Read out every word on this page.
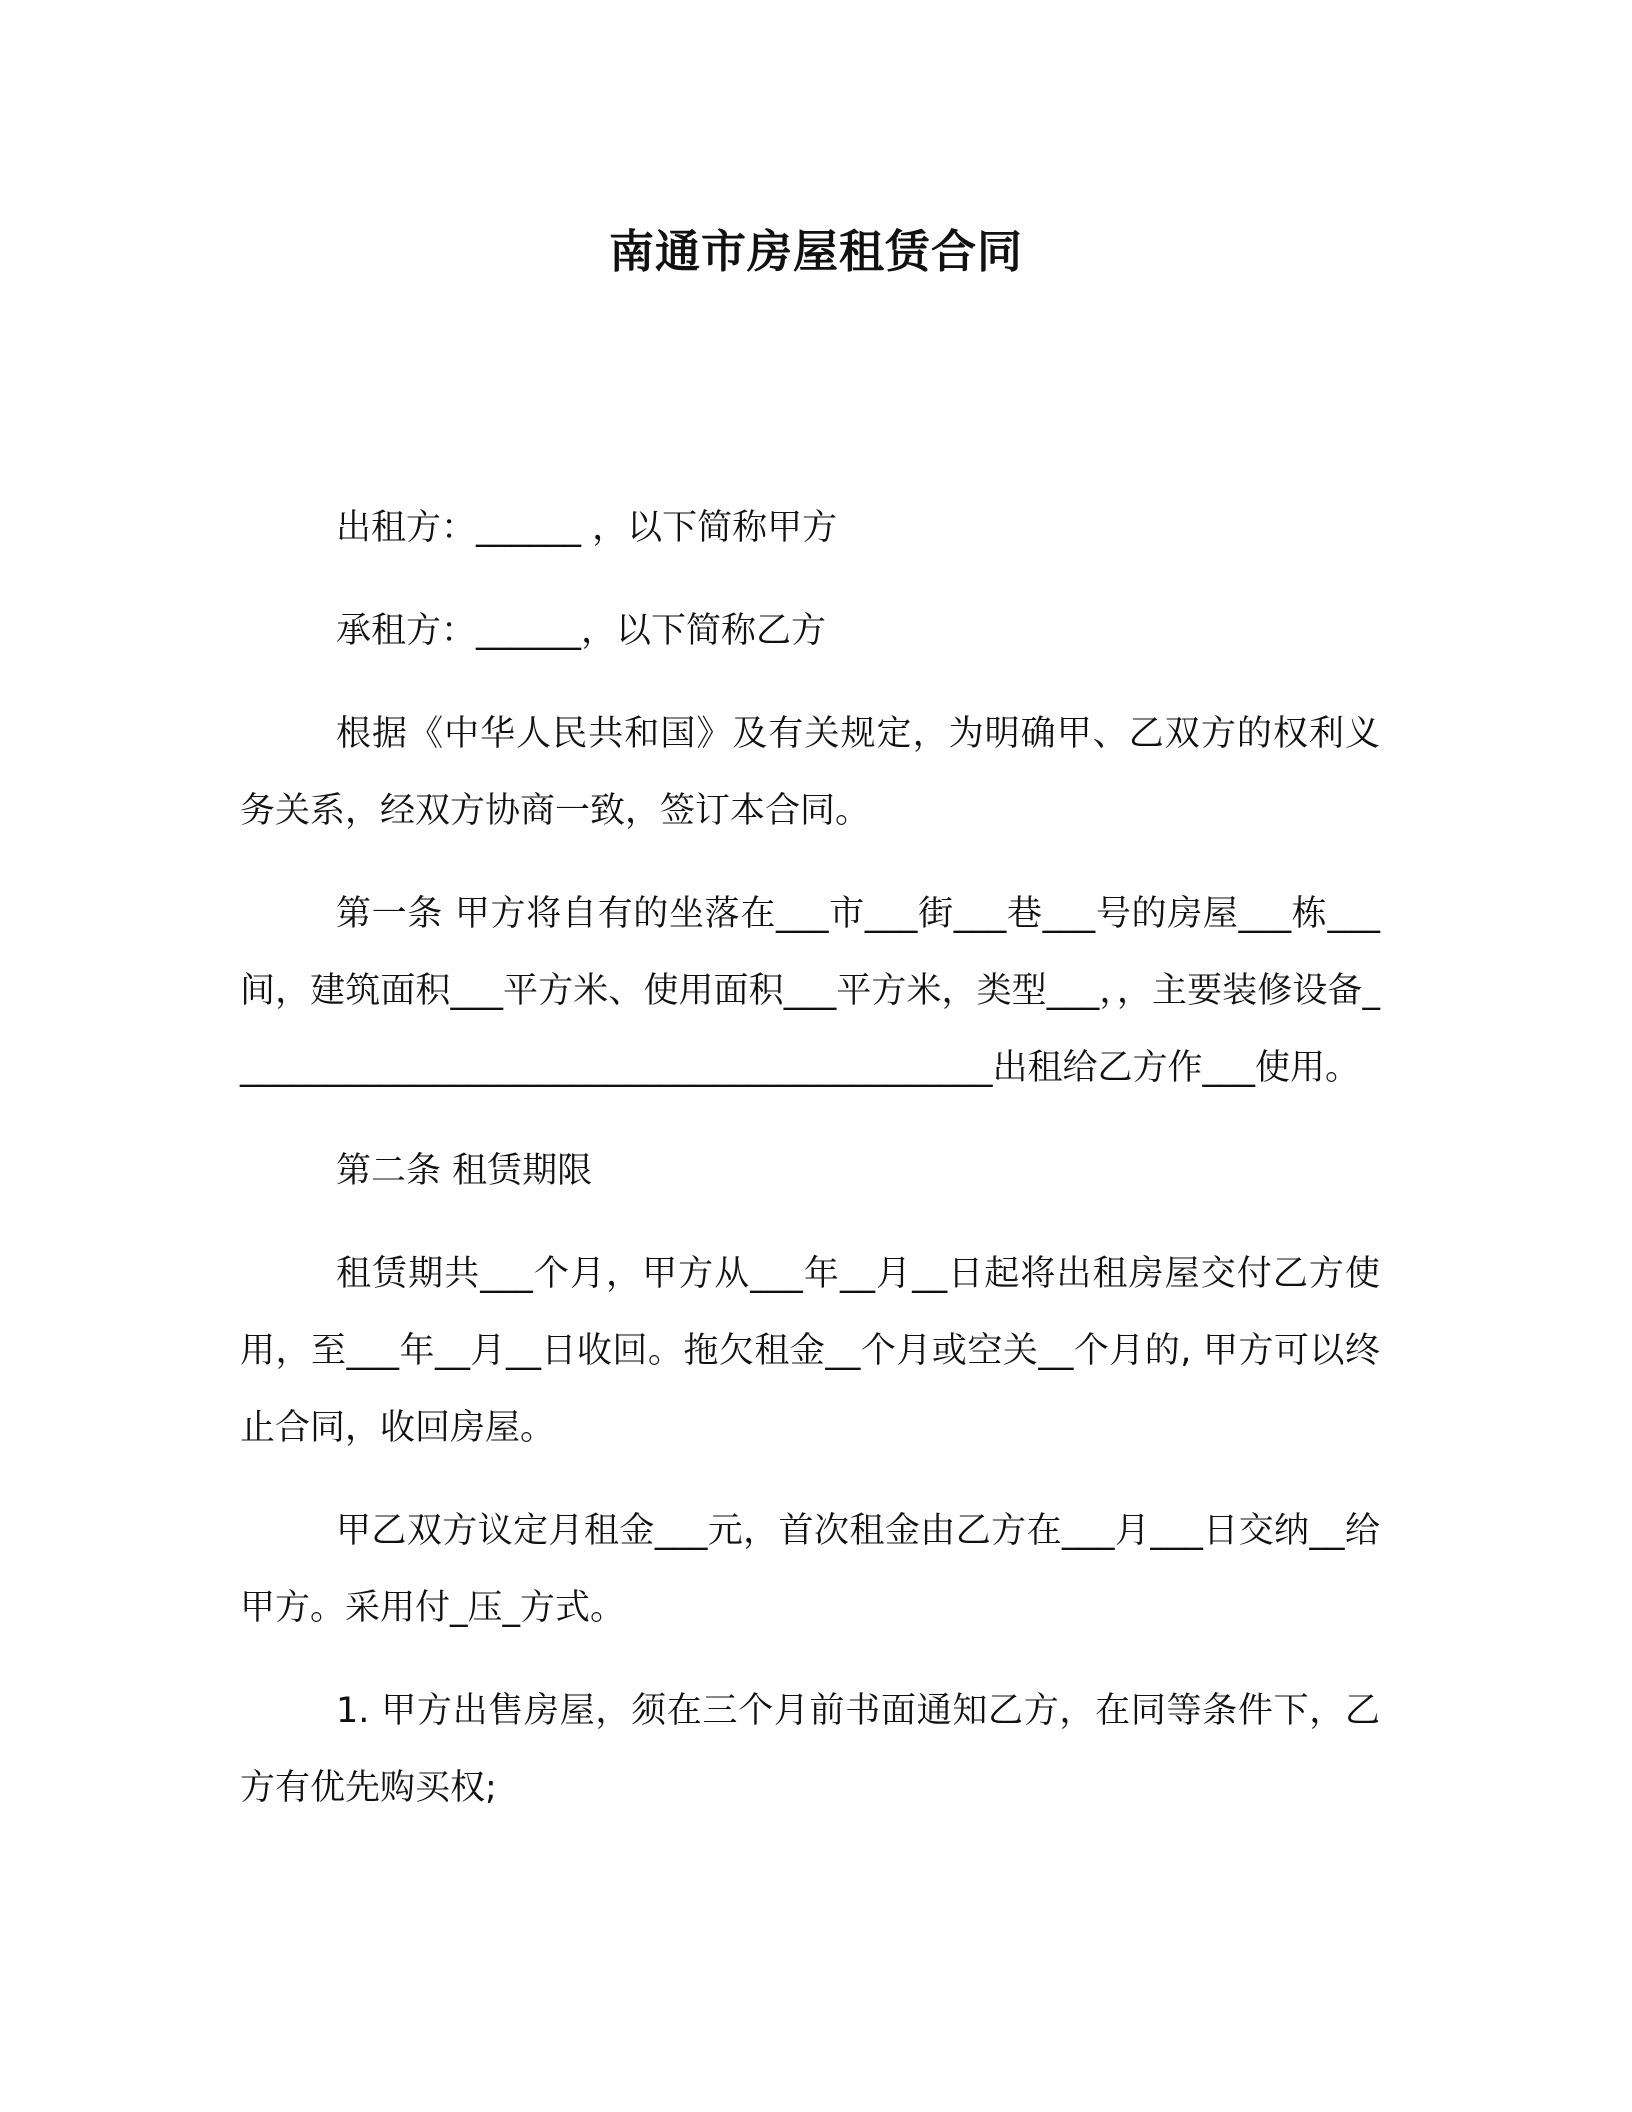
南通市房屋租赁合同

出租方：______ ，以下简称甲方

承租方：______，以下简称乙方

根据《中华人民共和国》及有关规定，为明确甲、乙双方的权利义务关系，经双方协商一致，签订本合同。

第一条 甲方将自有的坐落在___市___街___巷___号的房屋___栋___间，建筑面积___平方米、使用面积___平方米，类型___，，主要装修设备____________________________________________出租给乙方作___使用。

第二条 租赁期限

租赁期共___个月，甲方从___年__月__日起将出租房屋交付乙方使用，至___年__月__日收回。拖欠租金__个月或空关__个月的, 甲方可以终止合同，收回房屋。

甲乙双方议定月租金___元，首次租金由乙方在___月___日交纳__给甲方。采用付_压_方式。

1. 甲方出售房屋，须在三个月前书面通知乙方，在同等条件下，乙方有优先购买权;
